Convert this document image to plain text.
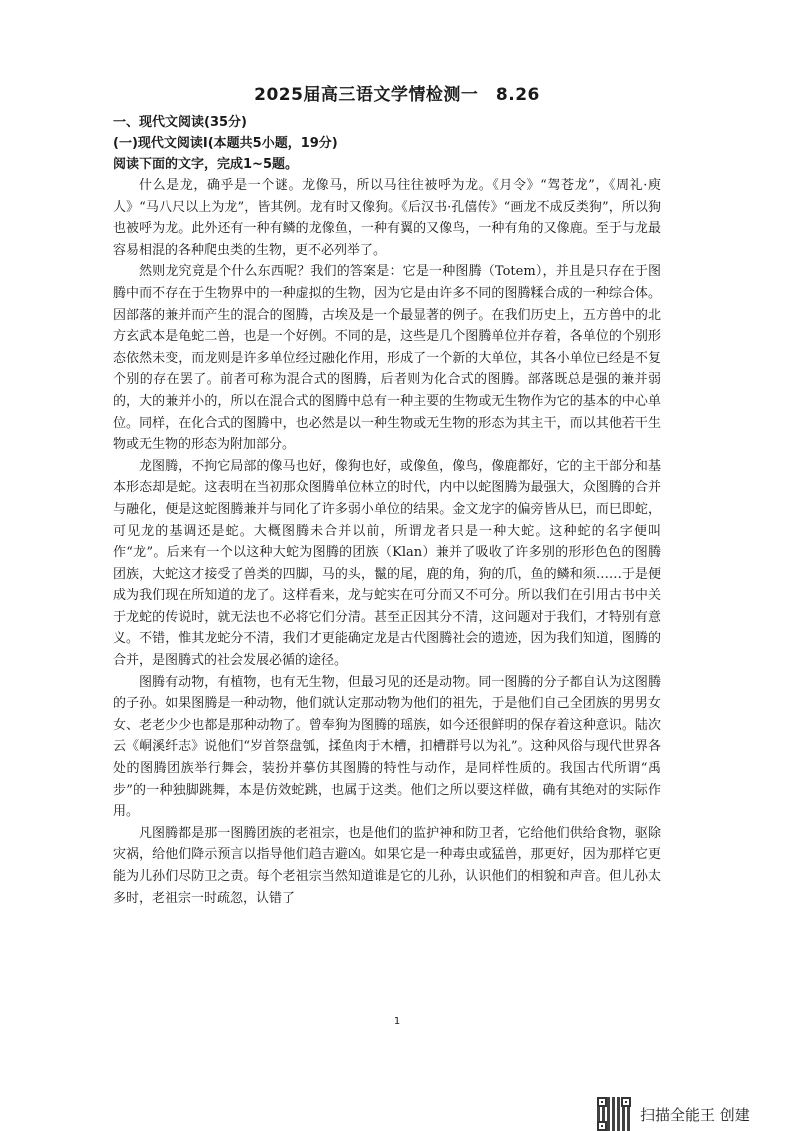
2025届高三语文学情检测一　8.26
一、现代文阅读(35分)
(一)现代文阅读Ⅰ(本题共5小题，19分)
阅读下面的文字，完成1~5题。

什么是龙，确乎是一个谜。龙像马，所以马往往被呼为龙。《月令》“驾苍龙”，《周礼·庾人》“马八尺以上为龙”，皆其例。龙有时又像狗。《后汉书·孔僖传》“画龙不成反类狗”，所以狗也被呼为龙。此外还有一种有鳞的龙像鱼，一种有翼的又像鸟，一种有角的又像鹿。至于与龙最容易相混的各种爬虫类的生物，更不必列举了。

然则龙究竟是个什么东西呢？我们的答案是：它是一种图腾（Totem），并且是只存在于图腾中而不存在于生物界中的一种虚拟的生物，因为它是由许多不同的图腾糅合成的一种综合体。因部落的兼并而产生的混合的图腾，古埃及是一个最显著的例子。在我们历史上，五方兽中的北方玄武本是龟蛇二兽，也是一个好例。不同的是，这些是几个图腾单位并存着，各单位的个别形态依然未变，而龙则是许多单位经过融化作用，形成了一个新的大单位，其各小单位已经是不复个别的存在罢了。前者可称为混合式的图腾，后者则为化合式的图腾。部落既总是强的兼并弱的，大的兼并小的，所以在混合式的图腾中总有一种主要的生物或无生物作为它的基本的中心单位。同样，在化合式的图腾中，也必然是以一种生物或无生物的形态为其主干，而以其他若干生物或无生物的形态为附加部分。

龙图腾，不拘它局部的像马也好，像狗也好，或像鱼，像鸟，像鹿都好，它的主干部分和基本形态却是蛇。这表明在当初那众图腾单位林立的时代，内中以蛇图腾为最强大，众图腾的合并与融化，便是这蛇图腾兼并与同化了许多弱小单位的结果。金文龙字的偏旁皆从巳，而巳即蛇，可见龙的基调还是蛇。大概图腾未合并以前，所谓龙者只是一种大蛇。这种蛇的名字便叫作“龙”。后来有一个以这种大蛇为图腾的团族（Klan）兼并了吸收了许多别的形形色色的图腾团族，大蛇这才接受了兽类的四脚，马的头，鬣的尾，鹿的角，狗的爪，鱼的鳞和须……于是便成为我们现在所知道的龙了。这样看来，龙与蛇实在可分而又不可分。所以我们在引用古书中关于龙蛇的传说时，就无法也不必将它们分清。甚至正因其分不清，这问题对于我们，才特别有意义。不错，惟其龙蛇分不清，我们才更能确定龙是古代图腾社会的遗迹，因为我们知道，图腾的合并，是图腾式的社会发展必循的途径。

图腾有动物，有植物，也有无生物，但最习见的还是动物。同一图腾的分子都自认为这图腾的子孙。如果图腾是一种动物，他们就认定那动物为他们的祖先，于是他们自己全团族的男男女女、老老少少也都是那种动物了。曾奉狗为图腾的瑶族，如今还很鲜明的保存着这种意识。陆次云《峒溪纤志》说他们“岁首祭盘瓠，揉鱼肉于木槽，扣槽群号以为礼”。这种风俗与现代世界各处的图腾团族举行舞会，装扮并摹仿其图腾的特性与动作，是同样性质的。我国古代所谓“禹步”的一种独脚跳舞，本是仿效蛇跳，也属于这类。他们之所以要这样做，确有其绝对的实际作用。

凡图腾都是那一图腾团族的老祖宗，也是他们的监护神和防卫者，它给他们供给食物，驱除灾祸，给他们降示预言以指导他们趋吉避凶。如果它是一种毒虫或猛兽，那更好，因为那样它更能为儿孙们尽防卫之责。每个老祖宗当然知道谁是它的儿孙，认识他们的相貌和声音。但儿孙太多时，老祖宗一时疏忽，认错了

1
扫描全能王 创建
